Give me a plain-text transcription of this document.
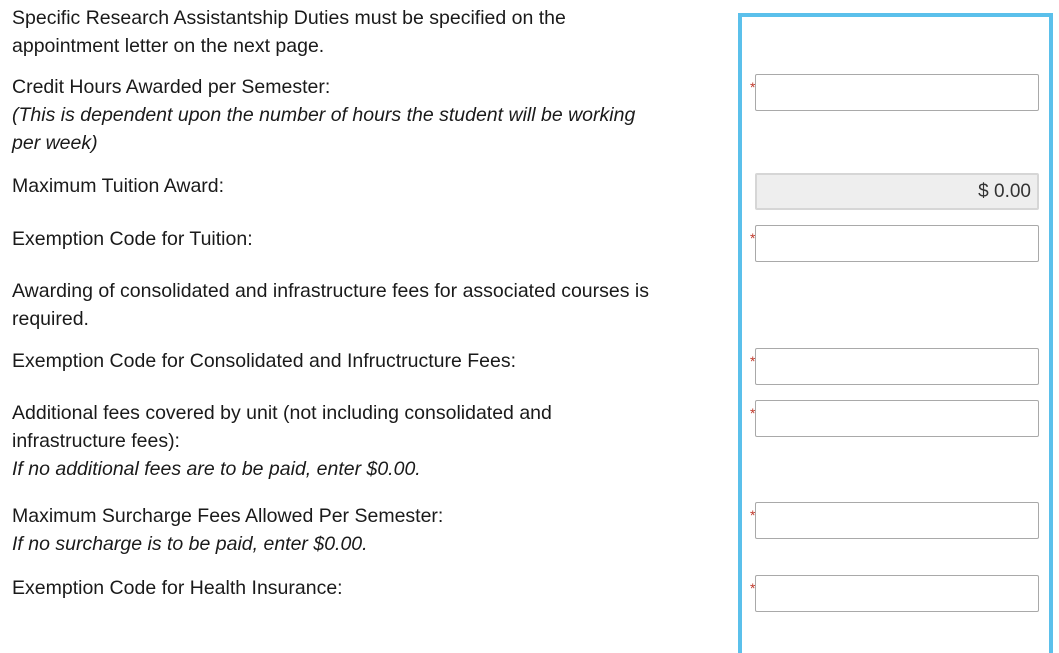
Specific Research Assistantship Duties must be specified on the
appointment letter on the next page.
Credit Hours Awarded per Semester:
(This is dependent upon the number of hours the student will be working
per week)
Maximum Tuition Award:
Exemption Code for Tuition:
Awarding of consolidated and infrastructure fees for associated courses is
required.
Exemption Code for Consolidated and Infructructure Fees:
Additional fees covered by unit (not including consolidated and
infrastructure fees):
If no additional fees are to be paid, enter $0.00.
Maximum Surcharge Fees Allowed Per Semester:
If no surcharge is to be paid, enter $0.00.
Exemption Code for Health Insurance:
*
$ 0.00
*
*
*
*
*
